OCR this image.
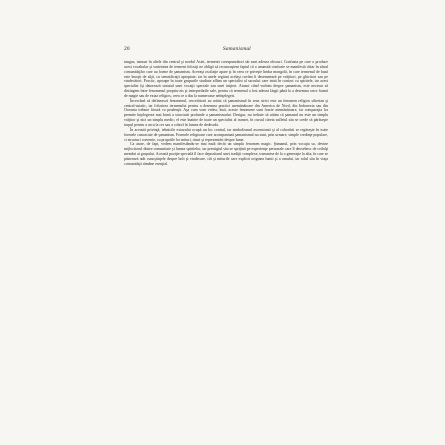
20	Samanismul

tungus, iamoar în altele din centrul şi nordul Asiei, termenii corespunzători săi sunt adesea obscuri. Confuzia pe care o produce acest vocabular şi varietatea de termeni folosiţi ne obligă să recunoaştem faptul că o anumită confuzie se manifestă chiar în sânul comunităţilor care au forme de şamanism. Aceeaşi oscilaţie apare şi în ceea ce priveşte limba mongolă, în care termenul de bază este însoţit de alţii, cu semnificaţii apropiate, iar în unele regiuni acelaşi cuvânt îi desemnează pe vrăjitori, pe ghicitori sau pe vindecători. Practic, aproape în toate grupurile studiate aflăm un specialist al sacrului care intră în contact cu spiritele, iar acest specialist îşi datorează statutul unei vocaţii speciale sau unei iniţieri. Atunci când vorbim despre şamanism, este necesar să distingem între fenomenul propriu-zis şi interpretările sale, pentru că termenul a fost adesea lărgit până la a desemna orice formă de magie sau de extaz religios, ceea ce a dus la numeroase neînţelegeri.

Încercând să definească fenomenul, cercetătorii au arătat că şamanismul în sens strict este un fenomen religios siberian şi central-asiatic, iar folosirea termenului pentru a desemna practici asemănătoare din America de Nord, din Indonezia sau din Oceania trebuie făcută cu prudenţă. Aşa cum vom vedea, însă, aceste fenomene sunt foarte asemănătoare, iar comparaţia lor permite înţelegerea mai bună a structurii profunde a şamanismului. Desigur, nu trebuie să uităm că şamanul nu este un simplu vrăjitor şi nici un simplu medic; el este înainte de toate un specialist al transei, în cursul căreia sufletul său se crede că părăseşte trupul pentru a urca la cer sau a coborî în lumea de dedesubt.

În această privinţă, tehnicile extazului ocupă un loc central, iar simbolismul ascensiunii şi al coborârii se regăseşte în toate formele cunoscute de şamanism. Formele religioase care acompaniază şamanismul nu sunt, prin urmare, simple credinţe populare, ci structuri coerente, cu propriile lor mituri, rituri şi reprezentări despre lume.

Ca atare, de fapt, vedem manifestându-se mai mult decât un simplu fenomen magic. Şamanul, prin vocaţia sa, devine mijlocitorul dintre comunitate şi lumea spiritelor, iar prestigiul său se sprijină pe experienţe personale care îl deosebesc de ceilalţi membri ai grupului. Această poziţie specială îl face depozitarul unei tradiţii complexe, transmise de la o generaţie la alta, în care se păstrează atât cunoştinţele despre boli şi vindecare, cât şi miturile care explică originea lumii şi a omului, iar rolul său în viaţa comunităţii rămâne esenţial.
